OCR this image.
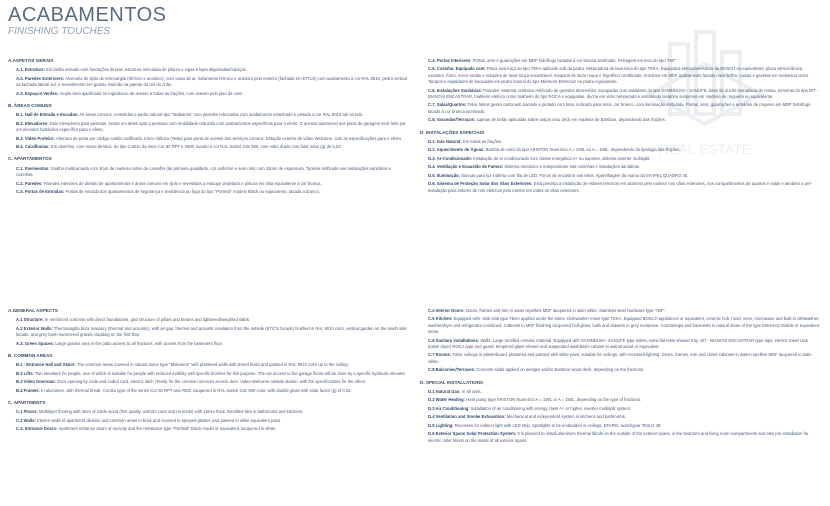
ACABAMENTOS
FINISHING TOUCHES
REAL ESTATE
A.ASPETOS GERAIS
A.1. Estrutura: Em betão armado com fundações diretas, estrutura reticulada de pilares e vigas e lajes aligeiradas/maciças.
A.2. Paredes Exteriores: Alvenaria de tijolo de termoargila (térmico e acústico), com caixa de ar, isolamento térmico e acústico pelo exterior (fachada em ETICS) com acabamento a cor RAL 9010, pedra vertical na fachada lateral sul, e revestimento em granito inserido na parede do rés do chão.
A.3. Espaços Verdes: Amplo área ajardinada no logradouro de acesso a todas as frações, com acesso pelo piso da cave.
B. ÁREAS COMUNS
B.1. Hall de Entrada e Escadas: As áreas comuns, revestidas a pedra natural tipo "Moleanos" com paredes rebocadas com acabamento estanhado e pintado a cor RAL 9010 até ao teto.
B.2. Elevadores: Dois elevadores para pessoas, sendo um deles apto a pessoas com mobilidade reduzida com acabamentos específicos para o efeito. O acesso automóvel aos pisos de garagem será feito por um elevador hidráulico específico para o efeito.
B.3. Vídeo Porteiro: Abertura de porta por código cartão codificado, trinco elétrico (Tesla) para porta de acesso dos serviços comuns. Estação exterior de vídeo Welcome, com as especificações para o efeito.
B.4. Caixilharias: Em alumínio, com rutura térmica, do tipo Cortizo da serie Cor 60 RPT e #500, lacado a cor RAL Satiné Gris 900, com vidro duplo com fator solar (g) de 0,23.
C. APARTAMENTOS
C.1. Pavimentos: Soalho multicamada com 3mm de madeira nobre de carvalho (de primeira qualidade, cor uniforme e sem nós) com 15mm de espessura. Tijoleira retificada nas instalações sanitárias e cozinhas.
C.2. Paredes: Paredes interiores de divisão de apartamentos e áreas comuns em tijolo e revestidas a estuque projetado e pintura em tinta equivalente à cor branca.
C.3. Portas de Entradas: Portas de entrada dos apartamentos de segurança e resistência ao fogo do tipo "Portinal" modelo Block ou equivalente, lacada a branco.
C.4. Portas Interiores: Portas, aros e guarnições em MDF hidrófugo lacadas à cor branca acetinado. Ferragem em inox do tipo "INF".
C.5. Cozinha: Equipada com: Placa lava loiça do tipo TEKA aplicado sob da pedra. Misturadora de lava loiça do tipo TEKA. Equipados eletrodomésticos da BOSCH ou equivalente, placa vitrocerâmica, exaustor, forno, micro-ondas e máquina de lavar louça encastrável, máquina de lavar roupa e frigorífico combinado. Armários em MDF acabamento lacado meio-brilho, caixas e gavetas em melamina cinza. Tampos e espaldares de bancadas em pedra natural do tipo Mármore Estremoz ou pedra equivalente.
C.6. Instalações Sanitárias: Paredes: Material cerâmico retificado de grandes dimensões. Equipadas com sanitários do tipo SANINDUSA - SANLIFE, base de duche extraplana de resina, torneiras do tipo WT - BIANCHI ENCASTRAR, toalheiro elétrico como toalheiro do tipo ROCA e equipadas, duche em vidro temperado e armário de lavatório suspenso em madeira de nogueira ou equivalente.
C.7. Salas/Quartos: Tetos falsos gesso cartonado barrado e pintado com tinta, indicado para tetos, cor branco, com iluminação embutida. Portas, aros, guarnições e armários de roupeiro em MDF hidrófugo lacado à cor branca acetinado.
C.8. Varandas/Terraços: Lajetas de betão aplicadas sobre calços e/ou deck em madeira de Bamboo, dependendo das frações.
D. INSTALAÇÕES ESPECIAIS
D.1. Gás Natural: Em todas as frações.
D.2. Aquecimento de Águas: Bomba de calor do tipo ARISTON Nuos Evo A = 100L ou A = 150L, dependendo da tipologia das frações.
D.3. Ar-Condicionado: Instalação de ar condicionado com classe energética A+ ou superior, sistema inverter multisplit.
D.4. Ventilação e Exaustão de Fumos: Sistema mecânico e independente nas cozinhas e instalações sanitárias.
D.5. Iluminação: Sancas para luz indireta com fita de LED. Focos de encastrar nos tetos. Aparelhagem da marca da EFAPEL QUADRO 45.
D.6. Sistema de Proteção Solar dos Vãos Exteriores: Está prevista a instalação de estores térmicos em alumínio pelo exterior nos vãos exteriores, nos compartimentos de quartos e salas e também a pré-instalação para estores de rolo elétricos pelo interior em todos os vãos exteriores.
A.GENERAL ASPECTS
A.1 Structure: In reinforced concrete with direct foundations, grid structure of pillars and beams and lightened/weighted slabs.
A.2 Exterior Walls: Thermoargilla brick masonry (thermal and acoustic), with air gap, thermal and acoustic insulation from the outside (ETICS facade) finished in RAL 9010 color, vertical garden on the south side facade, and grey bush-hammered granite cladding on the first floor.
A.3. Green Spaces: Large garden area in the patio access to all fractions, with access from the basement floor.
B. COMMON AREAS
B.1 - Entrance Hall and Stairs: The common areas covered in natural stone type "Moleanos" with plastered walls with tinned finish and painted in RAL 9010 color up to the ceiling.
B.2 Lifts: Two elevators for people, one of which is suitable for people with reduced mobility with specific finishes for this purpose. The car access to the garage floors will be done by a specific hydraulic elevator.
B.3 Video Doorman: Door opening by code and coded card, electric latch (Tesla) for the common services access door. Video Welcome outside station, with the specifications for the effect.
B.4 Frames: In aluminum, with thermal break, Cortizo type of the series Cor 60 RPT and #500, lacquered in RAL Satiné Gris 900 color, with double glass with solar factor (g) of 0.23.
C. APARTMENTS
C.1 Floors: Multilayer flooring with 3mm of noble wood (first quality, uniform color and no knots) with 15mm thick. Rectified tiles in bathrooms and kitchens.
C.2 Walls: Interior walls of apartment division and common areas in brick and covered in sprayed plaster, and painted in white equivalent paint.
C.3. Entrance Doors: Apartment entrance doors of security and fire resistance type "Portinal" Block model or equivalent, lacquered in white.
C.4 Interior Doors: Doors, frames and trim in water repellent MDF lacquered in satin white. Stainless steel hardware type "INF".
C.5 Kitchen: Equipped with: Sink sink type TEKA applied under the stone. Dishwasher mixer type TEKA. Equipped BOSCH appliances or equivalent, ceramic hob, hood, oven, microwave and built-in dishwasher, washer/dryer and refrigerator combined. Cabinets in MDF finishing lacquered half-gloss, hulls and drawers in grey melamine. Countertops and backrests in natural stone of the type Estremoz Marble or equivalent stone.
C.6 Sanitary installations: Walls: Large rectified ceramic material. Equipped with SANINDUSA- SANLIFE type toilets, extra flat resin shower tray, WT - BIANCHI ENCASTRAR type taps, electric towel rack (towel dryer) ROCA type and guard, tempered glass shower and suspended washbasin cabinet in walnut wood or equivalent.
C.7 Rooms: False ceilings in plasterboard, plastered and painted with white paint, suitable for ceilings, with recessed lighting. Doors, frames, trim and closet cabinets in water repellent MDF lacquered in satin white.
C.8 Balconies/Terraces: Concrete slabs applied on wedges and/or Bamboo wood deck, depending on the fractions.
D. SPECIAL INSTALLATIONS
D.1 Natural Gas: In all units.
D.2 Water Heating: Heat pump type ARISTON Nuos Evo A = 100L or A = 150L, depending on the type of fractions.
D.3 Air Conditioning: Installation of air conditioning with energy class A+ or higher, inverter multisplit system.
D.4 Ventilation and Smoke Exhaustion: Mechanical and independent system in kitchens and bathrooms.
D.5 Lighting: Recesses for indirect light with LED strip. Spotlights to be embedded in ceilings. EFAPEL switchgear 'ROLO 45'.
D.6 Exterior Spans Solar Protection System: It is planned to install aluminum thermal blinds on the outside of the exterior spans, in the bedroom and living room compartments and also pre-installation for electric roller blinds on the inside of all exterior spans.
